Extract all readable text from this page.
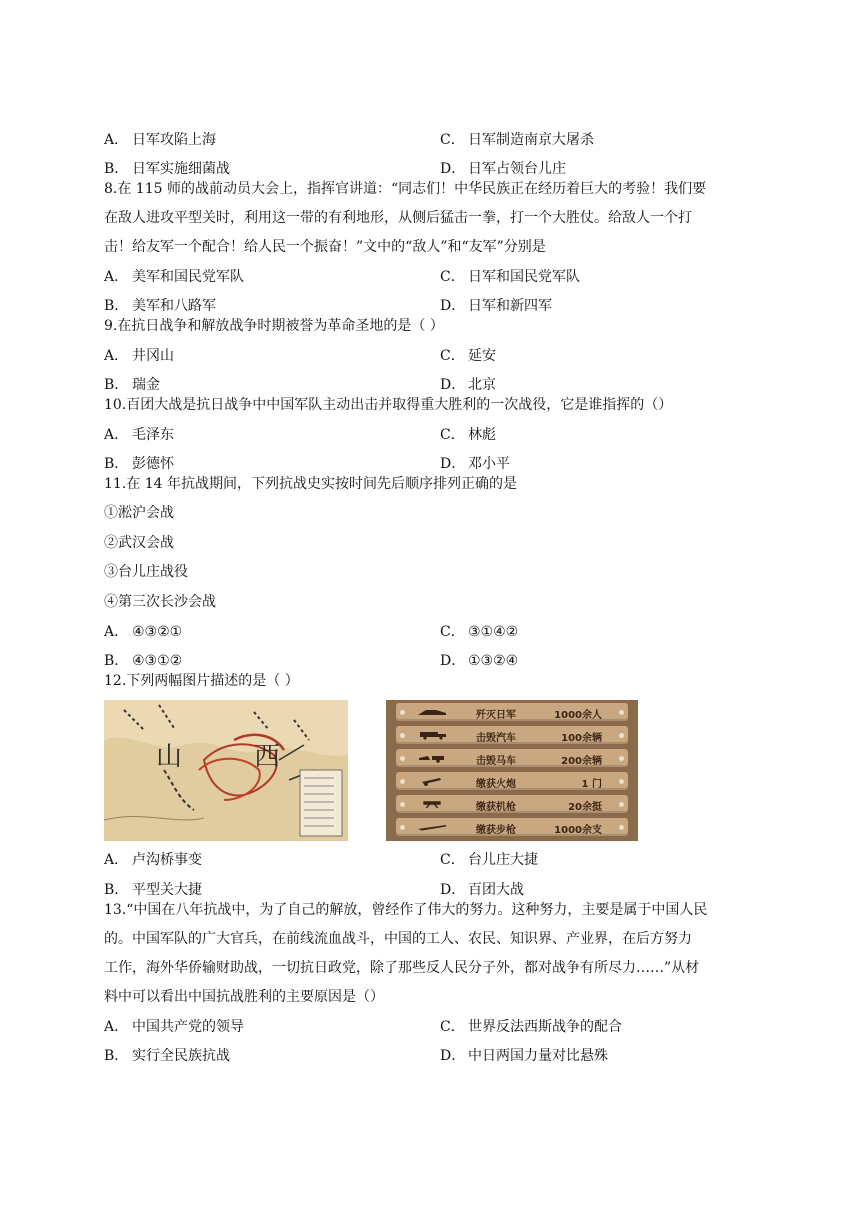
A． 日军攻陷上海	C． 日军制造南京大屠杀
B． 日军实施细菌战	D． 日军占领台儿庄
8.在 115 师的战前动员大会上，指挥官讲道：“同志们！中华民族正在经历着巨大的考验！我们要
在敌人进攻平型关时，利用这一带的有利地形，从侧后猛击一拳，打一个大胜仗。给敌人一个打
击！给友军一个配合！给人民一个振奋！”文中的“敌人”和“友军”分别是
A． 美军和国民党军队	C． 日军和国民党军队
B． 美军和八路军	D． 日军和新四军
9.在抗日战争和解放战争时期被誉为革命圣地的是（ ）
A． 井冈山	C． 延安
B． 瑞金	D． 北京
10.百团大战是抗日战争中中国军队主动出击并取得重大胜利的一次战役，它是谁指挥的（）
A． 毛泽东	C． 林彪
B． 彭德怀	D． 邓小平
11.在 14 年抗战期间，下列抗战史实按时间先后顺序排列正确的是
①淞沪会战
②武汉会战
③台儿庄战役
④第三次长沙会战
A． ④③②①	C． ③①④②
B． ④③①②	D． ①③②④
12.下列两幅图片描述的是（ ）
山	西
歼灭日军	1000余人
击毁汽车	100余辆
击毁马车	200余辆
缴获火炮	1 门
缴获机枪	20余挺
缴获步枪	1000余支
A． 卢沟桥事变	C． 台儿庄大捷
B． 平型关大捷	D． 百团大战
13.“中国在八年抗战中，为了自己的解放，曾经作了伟大的努力。这种努力，主要是属于中国人民
的。中国军队的广大官兵，在前线流血战斗，中国的工人、农民、知识界、产业界，在后方努力
工作，海外华侨输财助战，一切抗日政党，除了那些反人民分子外，都对战争有所尽力……”从材
料中可以看出中国抗战胜利的主要原因是（）
A． 中国共产党的领导	C． 世界反法西斯战争的配合
B． 实行全民族抗战	D． 中日两国力量对比悬殊
